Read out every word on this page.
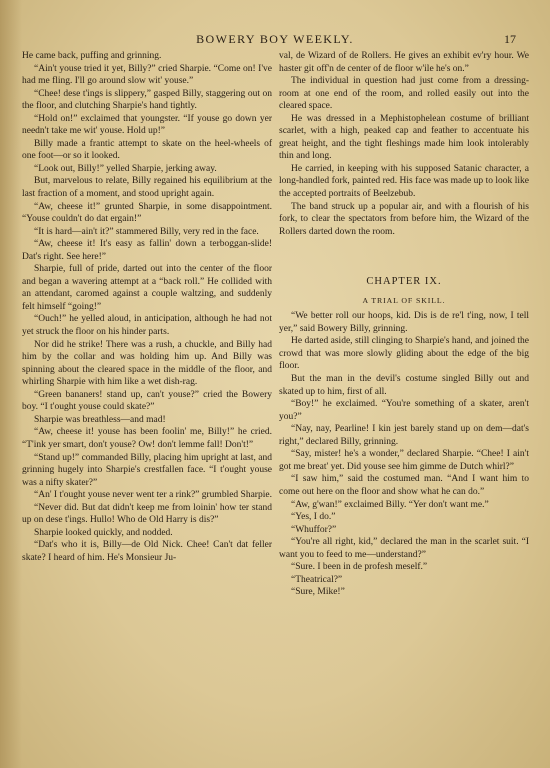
BOWERY BOY WEEKLY.	17

He came back, puffing and grinning.

“Ain't youse tried it yet, Billy?” cried Sharpie. “Come on! I've had me fling. I'll go around slow wit' youse.”

“Chee! dese t'ings is slippery,” gasped Billy, staggering out on the floor, and clutching Sharpie's hand tightly.

“Hold on!” exclaimed that youngster. “If youse go down yer needn't take me wit' youse. Hold up!”

Billy made a frantic attempt to skate on the heel-wheels of one foot—or so it looked.

“Look out, Billy!” yelled Sharpie, jerking away.

But, marvelous to relate, Billy regained his equilibrium at the last fraction of a moment, and stood upright again.

“Aw, cheese it!” grunted Sharpie, in some disappointment. “Youse couldn't do dat ergain!”

“It is hard—ain't it?” stammered Billy, very red in the face.

“Aw, cheese it! It's easy as fallin' down a terboggan-slide! Dat's right. See here!”

Sharpie, full of pride, darted out into the center of the floor and began a wavering attempt at a “back roll.” He collided with an attendant, caromed against a couple waltzing, and suddenly felt himself “going!”

“Ouch!” he yelled aloud, in anticipation, although he had not yet struck the floor on his hinder parts.

Nor did he strike! There was a rush, a chuckle, and Billy had him by the collar and was holding him up. And Billy was spinning about the cleared space in the middle of the floor, and whirling Sharpie with him like a wet dish-rag.

“Green bananers! stand up, can't youse?” cried the Bowery boy. “I t'ought youse could skate?”

Sharpie was breathless—and mad!

“Aw, cheese it! youse has been foolin' me, Billy!” he cried. “T'ink yer smart, don't youse? Ow! don't lemme fall! Don't!”

“Stand up!” commanded Billy, placing him upright at last, and grinning hugely into Sharpie's crestfallen face. “I t'ought youse was a nifty skater?”

“An' I t'ought youse never went ter a rink?” grumbled Sharpie.

“Never did. But dat didn't keep me from loinin' how ter stand up on dese t'ings. Hullo! Who de Old Harry is dis?”

Sharpie looked quickly, and nodded.

“Dat's who it is, Billy—de Old Nick. Chee! Can't dat feller skate? I heard of him. He's Monsieur Ju-

val, de Wizard of de Rollers. He gives an exhibit ev'ry hour. We haster git off'n de center of de floor w'ile he's on.”

The individual in question had just come from a dressing-room at one end of the room, and rolled easily out into the cleared space.

He was dressed in a Mephistophelean costume of brilliant scarlet, with a high, peaked cap and feather to accentuate his great height, and the tight fleshings made him look intolerably thin and long.

He carried, in keeping with his supposed Satanic character, a long-handled fork, painted red. His face was made up to look like the accepted portraits of Beelzebub.

The band struck up a popular air, and with a flourish of his fork, to clear the spectators from before him, the Wizard of the Rollers darted down the room.

CHAPTER IX.

A TRIAL OF SKILL.

“We better roll our hoops, kid. Dis is de re'l t'ing, now, I tell yer,” said Bowery Billy, grinning.

He darted aside, still clinging to Sharpie's hand, and joined the crowd that was more slowly gliding about the edge of the big floor.

But the man in the devil's costume singled Billy out and skated up to him, first of all.

“Boy!” he exclaimed. “You're something of a skater, aren't you?”

“Nay, nay, Pearline! I kin jest barely stand up on dem—dat's right,” declared Billy, grinning.

“Say, mister! he's a wonder,” declared Sharpie. “Chee! I ain't got me breat' yet. Did youse see him gimme de Dutch whirl?”

“I saw him,” said the costumed man. “And I want him to come out here on the floor and show what he can do.”

“Aw, g'wan!” exclaimed Billy. “Yer don't want me.”

“Yes, I do.”

“Whuffor?”

“You're all right, kid,” declared the man in the scarlet suit. “I want you to feed to me—understand?”

“Sure. I been in de profesh meself.”

“Theatrical?”

“Sure, Mike!”
